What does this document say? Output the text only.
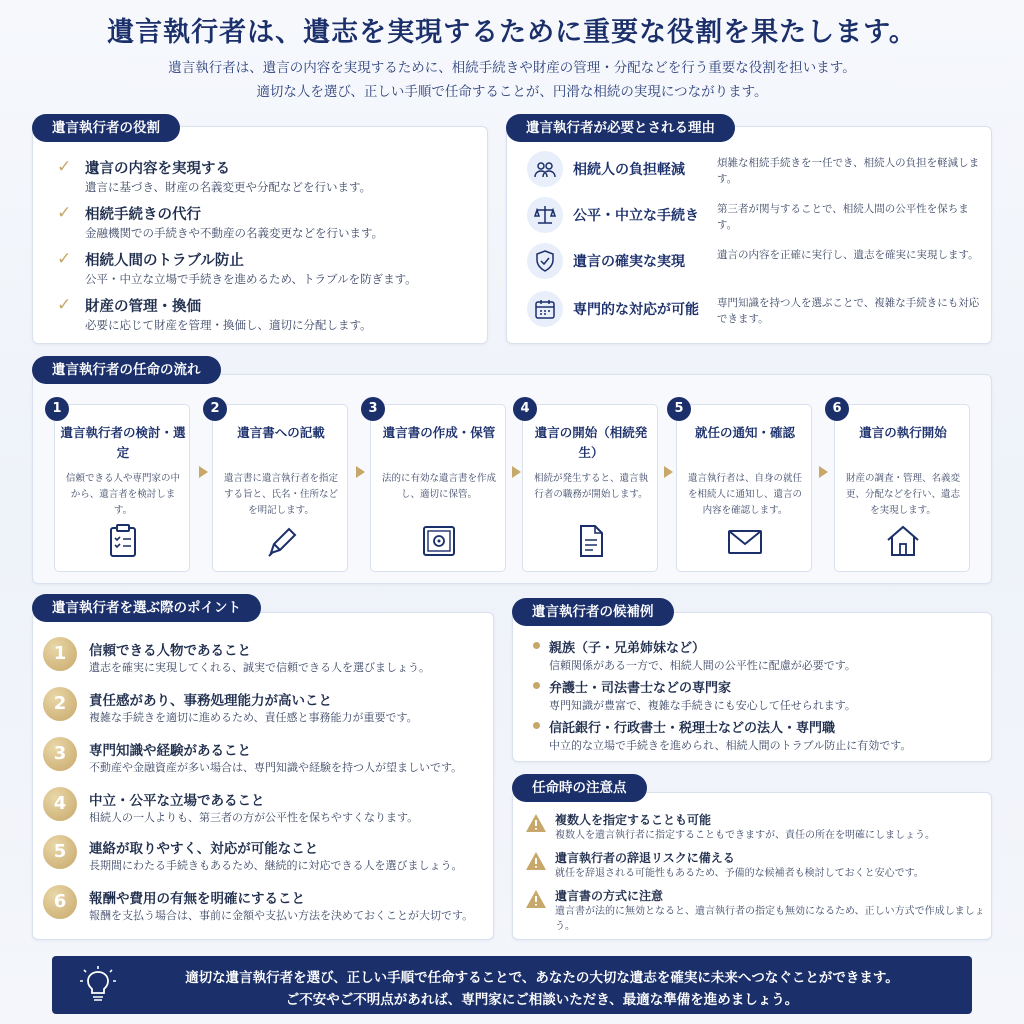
遺言執行者は、遺志を実現するために重要な役割を果たします。
遺言執行者は、遺言の内容を実現するために、相続手続きや財産の管理・分配などを行う重要な役割を担います。
適切な人を選び、正しい手順で任命することが、円滑な相続の実現につながります。
✓ 遺言の内容を実現する
遺言に基づき、財産の名義変更や分配などを行います。
✓ 相続手続きの代行
金融機関での手続きや不動産の名義変更などを行います。
✓ 相続人間のトラブル防止
公平・中立な立場で手続きを進めるため、トラブルを防ぎます。
✓ 財産の管理・換価
必要に応じて財産を管理・換価し、適切に分配します。
遺言執行者の役割
相続人の負担軽減	煩雑な相続手続きを一任でき、相続人の負担を軽減します。
公平・中立な手続き 第三者が関与することで、相続人間の公平性を保ちます。
遺言の確実な実現	遺言の内容を正確に実行し、遺志を確実に実現します。
専門的な対応が可能 専門知識を持つ人を選ぶことで、複雑な手続きにも対応できます。
遺言執行者が必要とされる理由
遺言執行者の任命の流れ
1
遺言執行者の検討・選定
信頼できる人や専門家の中から、遺言者を検討します。
2
遺言書への記載
遺言書に遺言執行者を指定する旨と、氏名・住所などを明記します。
3
遺言書の作成・保管
法的に有効な遺言書を作成し、適切に保管。
4
遺言の開始（相続発生）
相続が発生すると、遺言執行者の職務が開始します。
5
就任の通知・確認
遺言執行者は、自身の就任を相続人に通知し、遺言の内容を確認します。
6
遺言の執行開始
財産の調査・管理、名義変更、分配などを行い、遺志を実現します。
1	信頼できる人物であること
遺志を確実に実現してくれる、誠実で信頼できる人を選びましょう。
2	責任感があり、事務処理能力が高いこと
複雑な手続きを適切に進めるため、責任感と事務能力が重要です。
3	専門知識や経験があること
不動産や金融資産が多い場合は、専門知識や経験を持つ人が望ましいです。
4	中立・公平な立場であること
相続人の一人よりも、第三者の方が公平性を保ちやすくなります。
5	連絡が取りやすく、対応が可能なこと
長期間にわたる手続きもあるため、継続的に対応できる人を選びましょう。
6	報酬や費用の有無を明確にすること
報酬を支払う場合は、事前に金額や支払い方法を決めておくことが大切です。
遺言執行者を選ぶ際のポイント
親族（子・兄弟姉妹など）
信頼関係がある一方で、相続人間の公平性に配慮が必要です。
弁護士・司法書士などの専門家
専門知識が豊富で、複雑な手続きにも安心して任せられます。
信託銀行・行政書士・税理士などの法人・専門職
中立的な立場で手続きを進められ、相続人間のトラブル防止に有効です。
遺言執行者の候補例
複数人を指定することも可能
複数人を遺言執行者に指定することもできますが、責任の所在を明確にしましょう。
遺言執行者の辞退リスクに備える
就任を辞退される可能性もあるため、予備的な候補者も検討しておくと安心です。
遺言書の方式に注意
遺言書が法的に無効となると、遺言執行者の指定も無効になるため、正しい方式で作成しましょう。
任命時の注意点
適切な遺言執行者を選び、正しい手順で任命することで、あなたの大切な遺志を確実に未来へつなぐことができます。
ご不安やご不明点があれば、専門家にご相談いただき、最適な準備を進めましょう。
